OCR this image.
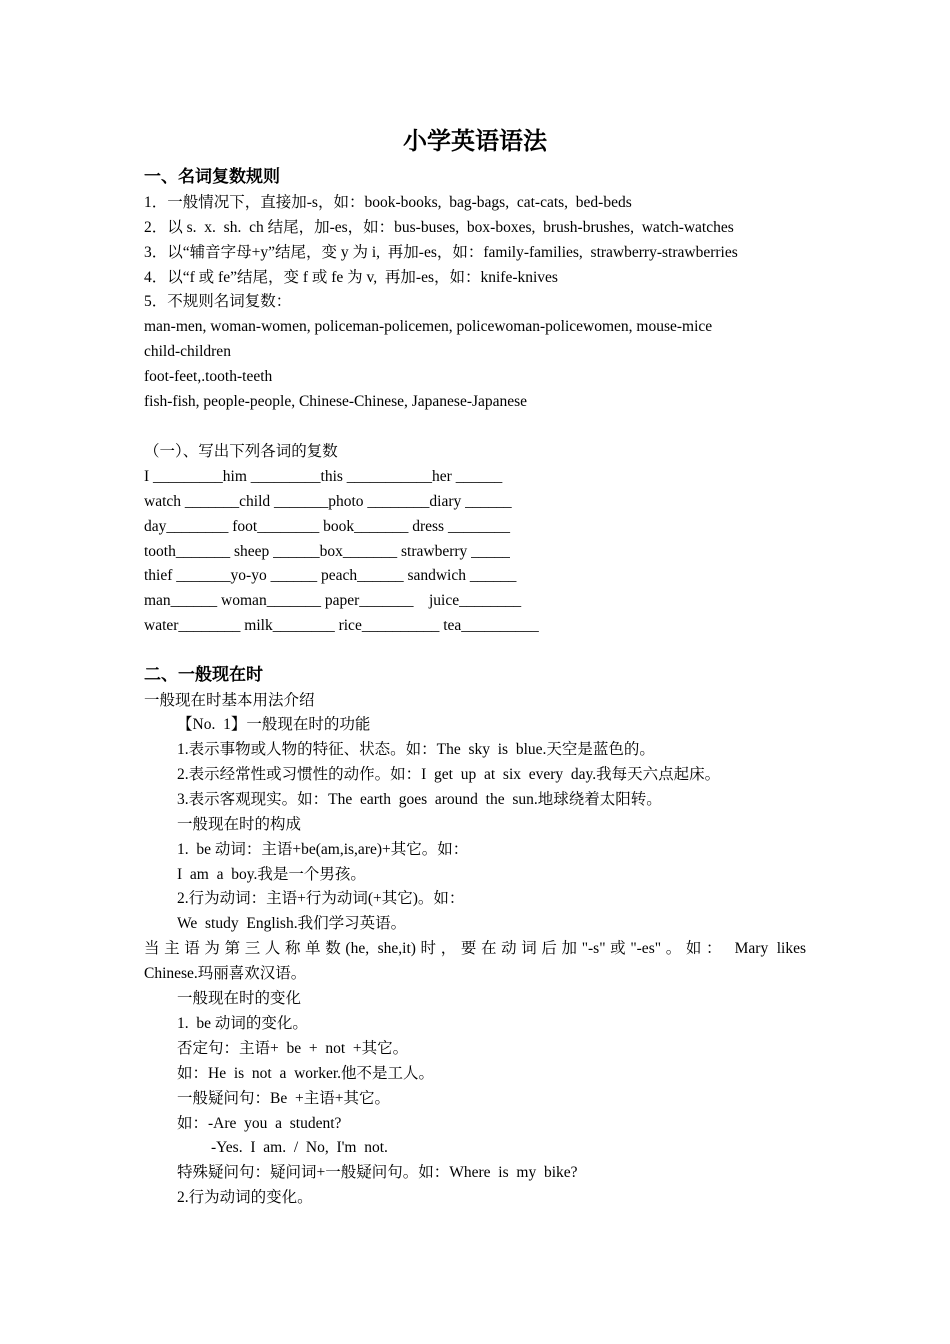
小学英语语法
一、名词复数规则
1．一般情况下，直接加-s，如：book-books,  bag-bags,  cat-cats,  bed-beds
2．以 s.  x.  sh.  ch 结尾，加-es，如：bus-buses,  box-boxes,  brush-brushes,  watch-watches
3．以“辅音字母+y”结尾，变 y 为 i,  再加-es，如：family-families,  strawberry-strawberries
4．以“f 或 fe”结尾，变 f 或 fe 为 v,  再加-es，如：knife-knives
5．不规则名词复数：
man-men, woman-women, policeman-policemen, policewoman-policewomen, mouse-mice
child-children
foot-feet,.tooth-teeth
fish-fish, people-people, Chinese-Chinese, Japanese-Japanese
（一）、写出下列各词的复数
I _________him _________this ___________her ______
watch _______child _______photo ________diary ______
day________ foot________ book_______ dress ________
tooth_______ sheep ______box_______ strawberry _____
thief _______yo-yo ______ peach______ sandwich ______
man______ woman_______ paper_______    juice________
water________ milk________ rice__________ tea__________
二、一般现在时
一般现在时基本用法介绍
【No.  1】一般现在时的功能
1.表示事物或人物的特征、状态。如：The  sky  is  blue.天空是蓝色的。
2.表示经常性或习惯性的动作。如：I  get  up  at  six  every  day.我每天六点起床。
3.表示客观现实。如：The  earth  goes  around  the  sun.地球绕着太阳转。
一般现在时的构成
1.  be 动词：主语+be(am,is,are)+其它。如：
I  am  a  boy.我是一个男孩。
2.行为动词：主语+行为动词(+其它)。如：
We  study  English.我们学习英语。
当主语为第三人称单数(he, she,it)时，要在动词后加"-s"或"-es"。如： Mary likes
Chinese.玛丽喜欢汉语。
一般现在时的变化
1.  be 动词的变化。
否定句：主语+  be  +  not  +其它。
如：He  is  not  a  worker.他不是工人。
一般疑问句：Be  +主语+其它。
如：-Are  you  a  student?
-Yes.  I  am.  /  No,  I'm  not.
特殊疑问句：疑问词+一般疑问句。如：Where  is  my  bike?
2.行为动词的变化。
